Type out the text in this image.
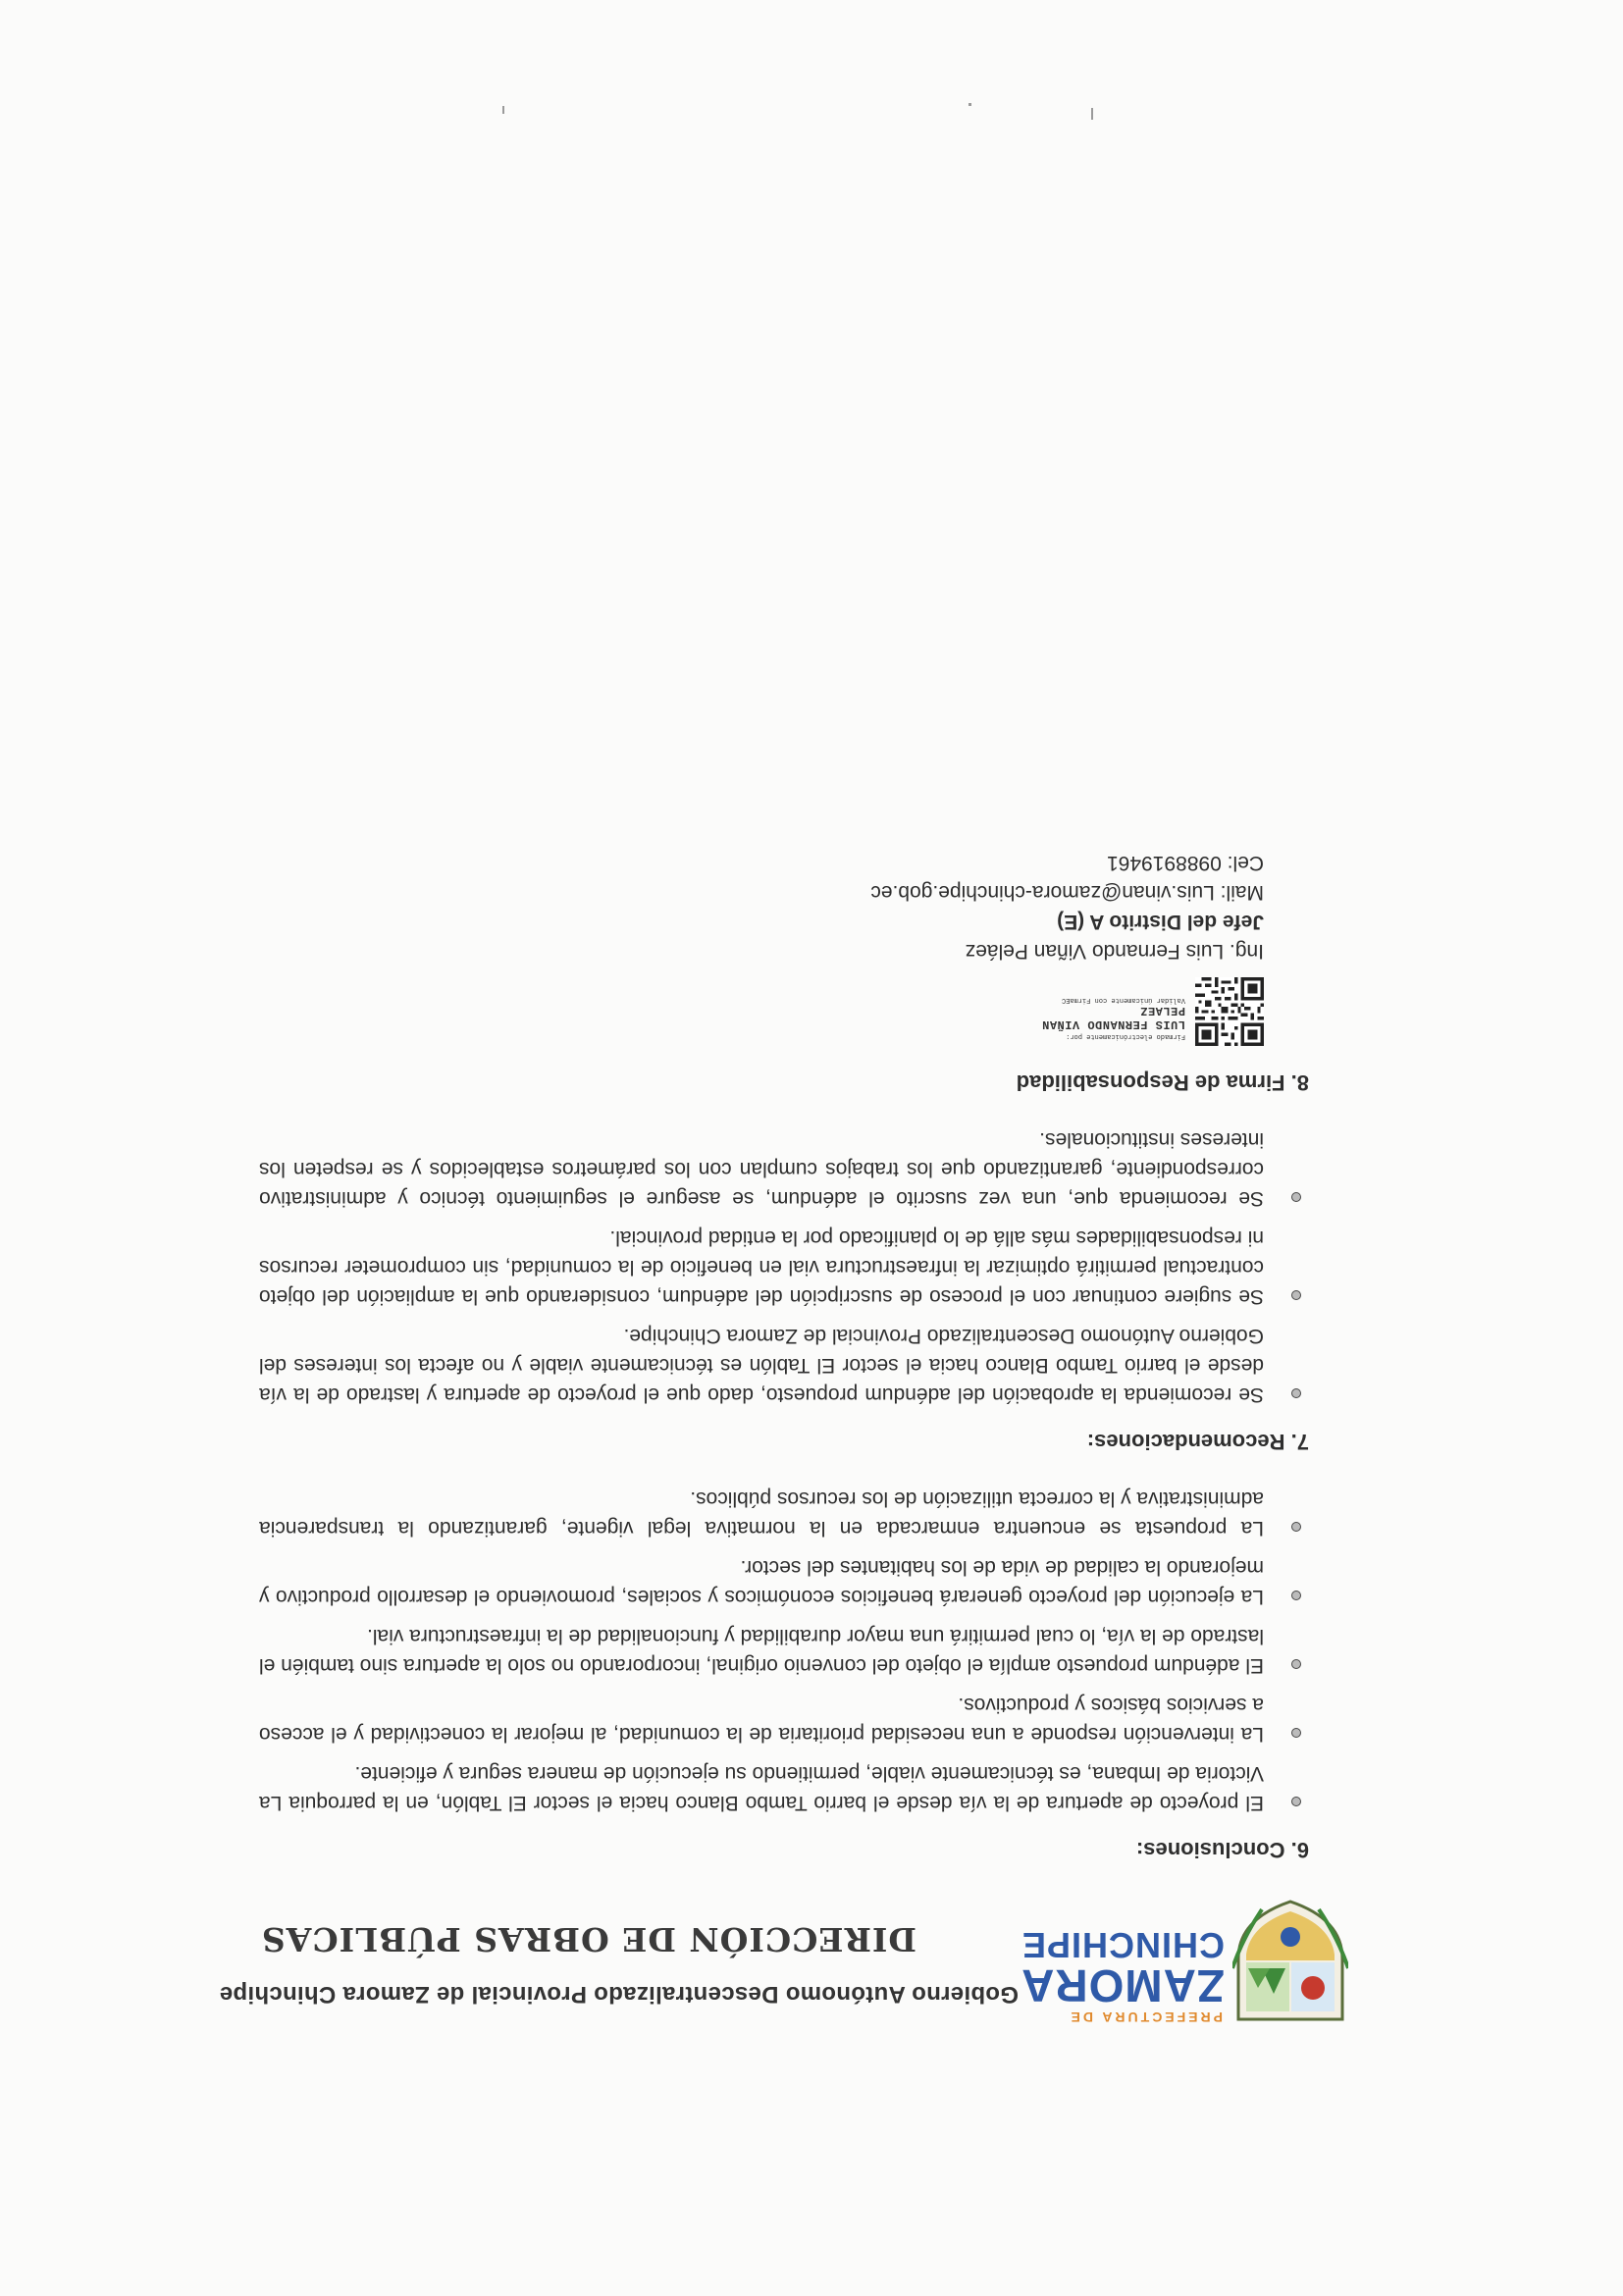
PREFECTURA DE
ZAMORA
CHINCHIPE
Gobierno Autónomo Descentralizado Provincial de Zamora Chinchipe
DIRECCIÓN DE OBRAS PÚBLICAS
6. Conclusiones:
El proyecto de apertura de la vía desde el barrio Tambo Blanco hacia el sector El Tablón, en la parroquia La Victoria de Imbana, es técnicamente viable, permitiendo su ejecución de manera segura y eficiente.
La intervención responde a una necesidad prioritaria de la comunidad, al mejorar la conectividad y el acceso a servicios básicos y productivos.
El adéndum propuesto amplía el objeto del convenio original, incorporando no solo la apertura sino también el lastrado de la vía, lo cual permitirá una mayor durabilidad y funcionalidad de la infraestructura vial.
La ejecución del proyecto generará beneficios económicos y sociales, promoviendo el desarrollo productivo y mejorando la calidad de vida de los habitantes del sector.
La propuesta se encuentra enmarcada en la normativa legal vigente, garantizando la transparencia administrativa y la correcta utilización de los recursos públicos.
7. Recomendaciones:
Se recomienda la aprobación del adéndum propuesto, dado que el proyecto de apertura y lastrado de la vía desde el barrio Tambo Blanco hacia el sector El Tablón es técnicamente viable y no afecta los intereses del Gobierno Autónomo Descentralizado Provincial de Zamora Chinchipe.
Se sugiere continuar con el proceso de suscripción del adéndum, considerando que la ampliación del objeto contractual permitirá optimizar la infraestructura vial en beneficio de la comunidad, sin comprometer recursos ni responsabilidades más allá de lo planificado por la entidad provincial.
Se recomienda que, una vez suscrito el adéndum, se asegure el seguimiento técnico y administrativo correspondiente, garantizando que los trabajos cumplan con los parámetros establecidos y se respeten los intereses institucionales.
8. Firma de Responsabilidad
Firmado electrónicamente por:
LUIS FERNANDO VIÑAN
PELAEZ
Validar únicamente con FirmaEC
Ing. Luis Fernando Viñan Peláez
Jefe del Distrito A (E)
Mail: Luis.vinan@zamora-chinchipe.gob.ec
Cel: 0988919461
